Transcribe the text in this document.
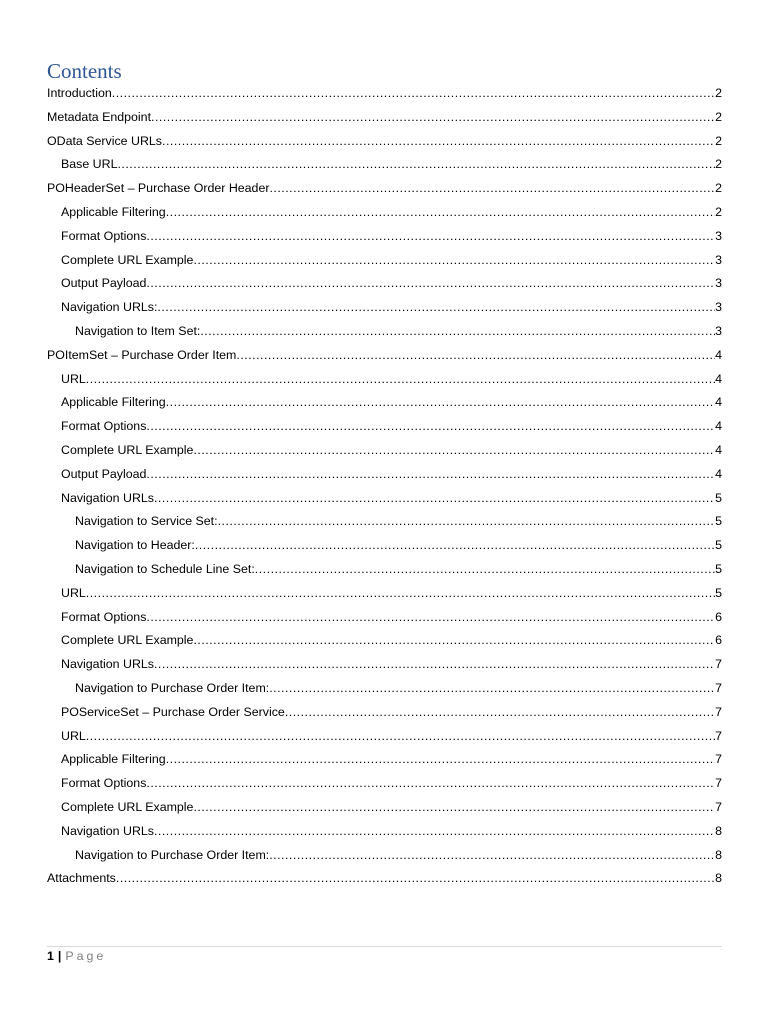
Contents
Introduction .....	2
Metadata Endpoint .....	2
OData Service URLs .....	2
Base URL .....	2
POHeaderSet – Purchase Order Header .....	2
Applicable Filtering .....	2
Format Options .....	3
Complete URL Example .....	3
Output Payload .....	3
Navigation URLs: .....	3
Navigation to Item Set: .....	3
POItemSet – Purchase Order Item .....	4
URL .....	4
Applicable Filtering .....	4
Format Options .....	4
Complete URL Example .....	4
Output Payload .....	4
Navigation URLs .....	5
Navigation to Service Set: .....	5
Navigation to Header: .....	5
Navigation to Schedule Line Set: .....	5
URL .....	5
Format Options .....	6
Complete URL Example .....	6
Navigation URLs .....	7
Navigation to Purchase Order Item: .....	7
POServiceSet – Purchase Order Service .....	7
URL .....	7
Applicable Filtering .....	7
Format Options .....	7
Complete URL Example .....	7
Navigation URLs .....	8
Navigation to Purchase Order Item: .....	8
Attachments .....	8
1 | Page
